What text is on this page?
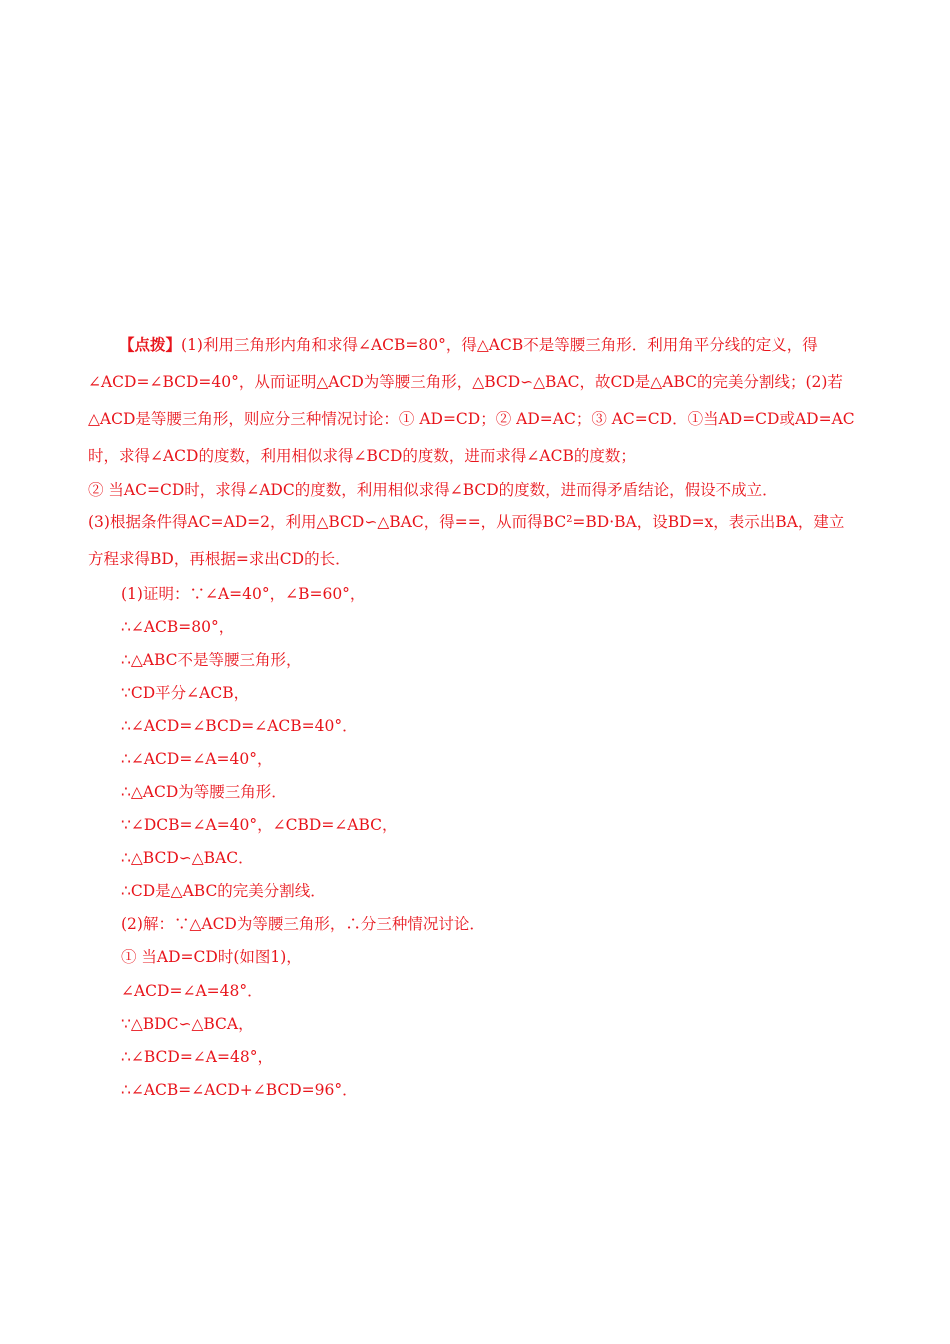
【点拨】(1)利用三角形内角和求得∠ACB=80°，得△ACB不是等腰三角形．利用角平分线的定义，得∠ACD=∠BCD=40°，从而证明△ACD为等腰三角形，△BCD∽△BAC，故CD是△ABC的完美分割线；(2)若△ACD是等腰三角形，则应分三种情况讨论：① AD=CD；② AD=AC；③ AC=CD．①当AD=CD或AD=AC时，求得∠ACD的度数，利用相似求得∠BCD的度数，进而求得∠ACB的度数；
② 当AC=CD时，求得∠ADC的度数，利用相似求得∠BCD的度数，进而得矛盾结论，假设不成立．
(3)根据条件得AC=AD=2，利用△BCD∽△BAC，得==，从而得BC²=BD·BA，设BD=x，表示出BA，建立方程求得BD，再根据=求出CD的长．
(1)证明：∵∠A=40°，∠B=60°，
∴∠ACB=80°，
∴△ABC不是等腰三角形，
∵CD平分∠ACB，
∴∠ACD=∠BCD=∠ACB=40°．
∴∠ACD=∠A=40°，
∴△ACD为等腰三角形．
∵∠DCB=∠A=40°，∠CBD=∠ABC，
∴△BCD∽△BAC．
∴CD是△ABC的完美分割线．
(2)解：∵△ACD为等腰三角形，∴分三种情况讨论．
① 当AD=CD时(如图1)，
∠ACD=∠A=48°．
∵△BDC∽△BCA，
∴∠BCD=∠A=48°，
∴∠ACB=∠ACD+∠BCD=96°．
